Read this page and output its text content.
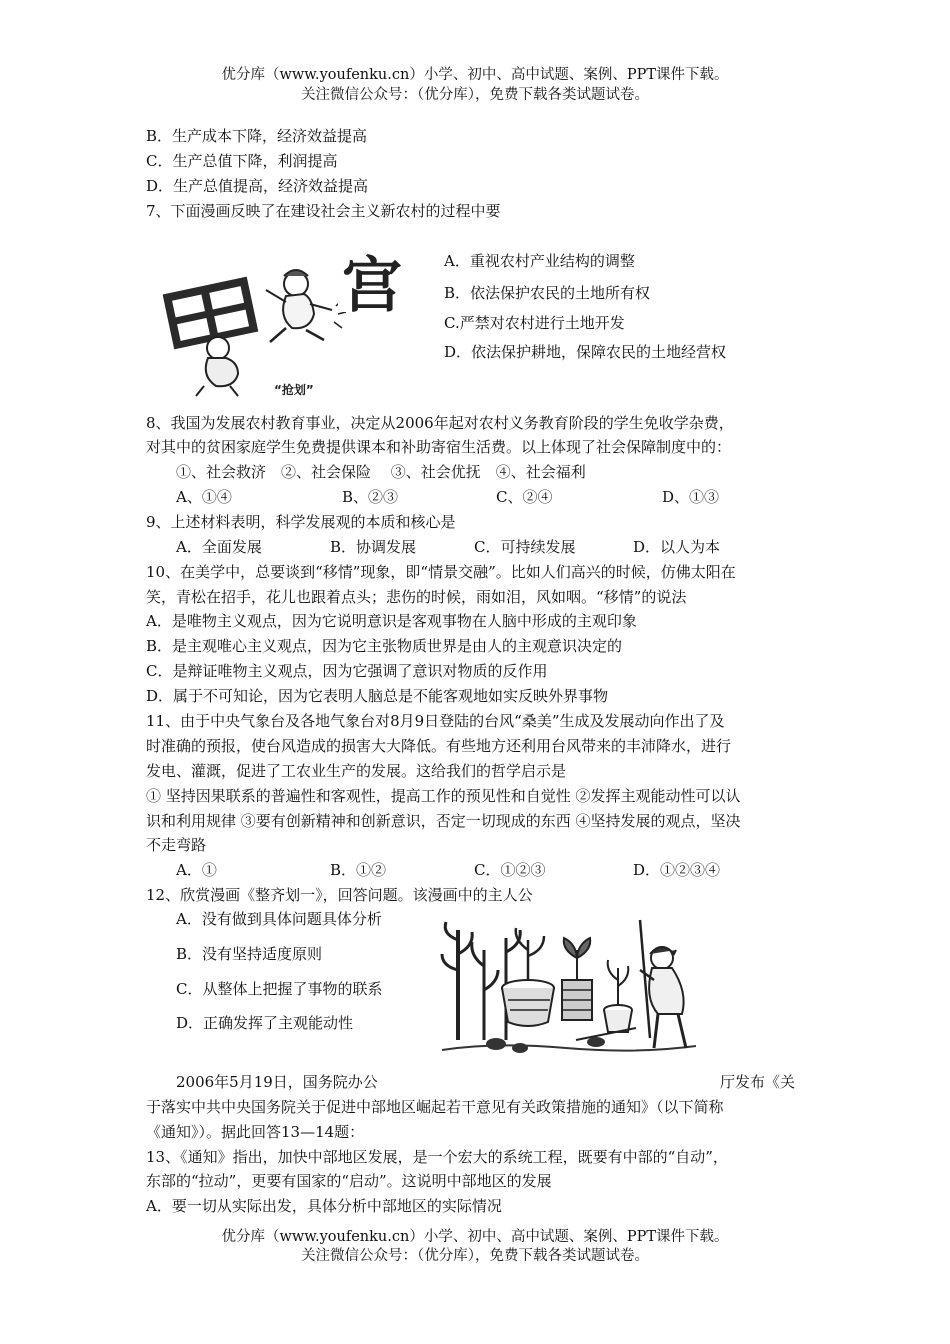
优分库（www.youfenku.cn）小学、初中、高中试题、案例、PPT课件下载。
关注微信公众号：（优分库），免费下载各类试题试卷。
B．生产成本下降，经济效益提高
C．生产总值下降，利润提高
D．生产总值提高，经济效益提高
7、下面漫画反映了在建设社会主义新农村的过程中要
宫
“抢划”
田
A．重视农村产业结构的调整
B．依法保护农民的土地所有权
C.严禁对农村进行土地开发
D．依法保护耕地，保障农民的土地经营权
8、我国为发展农村教育事业，决定从2006年起对农村义务教育阶段的学生免收学杂费，
对其中的贫困家庭学生免费提供课本和补助寄宿生活费。以上体现了社会保障制度中的：
①、社会救济　②、社会保险　 ③、社会优抚　④、社会福利
A、①④	B、②③	C、②④	D、①③
9、上述材料表明，科学发展观的本质和核心是
A．全面发展	B．协调发展	C．可持续发展	D．以人为本
10、在美学中，总要谈到“移情”现象，即“情景交融”。比如人们高兴的时候，仿佛太阳在
笑，青松在招手，花儿也跟着点头；悲伤的时候，雨如泪，风如咽。“移情”的说法
A．是唯物主义观点，因为它说明意识是客观事物在人脑中形成的主观印象
B．是主观唯心主义观点，因为它主张物质世界是由人的主观意识决定的
C．是辩证唯物主义观点，因为它强调了意识对物质的反作用
D．属于不可知论，因为它表明人脑总是不能客观地如实反映外界事物
11、由于中央气象台及各地气象台对8月9日登陆的台风“桑美”生成及发展动向作出了及
时准确的预报，使台风造成的损害大大降低。有些地方还利用台风带来的丰沛降水，进行
发电、灌溉，促进了工农业生产的发展。这给我们的哲学启示是
① 坚持因果联系的普遍性和客观性，提高工作的预见性和自觉性 ②发挥主观能动性可以认
识和利用规律 ③要有创新精神和创新意识，否定一切现成的东西 ④坚持发展的观点，坚决
不走弯路
A．①	B．①②	C．①②③	D．①②③④
12、欣赏漫画《整齐划一》，回答问题。该漫画中的主人公
A．没有做到具体问题具体分析
B．没有坚持适度原则
C．从整体上把握了事物的联系
D．正确发挥了主观能动性
2006年5月19日，国务院办公	厅发布《关
于落实中共中央国务院关于促进中部地区崛起若干意见有关政策措施的通知》（以下简称
《通知》）。据此回答13—14题：
13、《通知》指出，加快中部地区发展，是一个宏大的系统工程，既要有中部的“自动”，
东部的“拉动”，更要有国家的“启动”。这说明中部地区的发展
A．要一切从实际出发，具体分析中部地区的实际情况
优分库（www.youfenku.cn）小学、初中、高中试题、案例、PPT课件下载。
关注微信公众号：（优分库），免费下载各类试题试卷。
